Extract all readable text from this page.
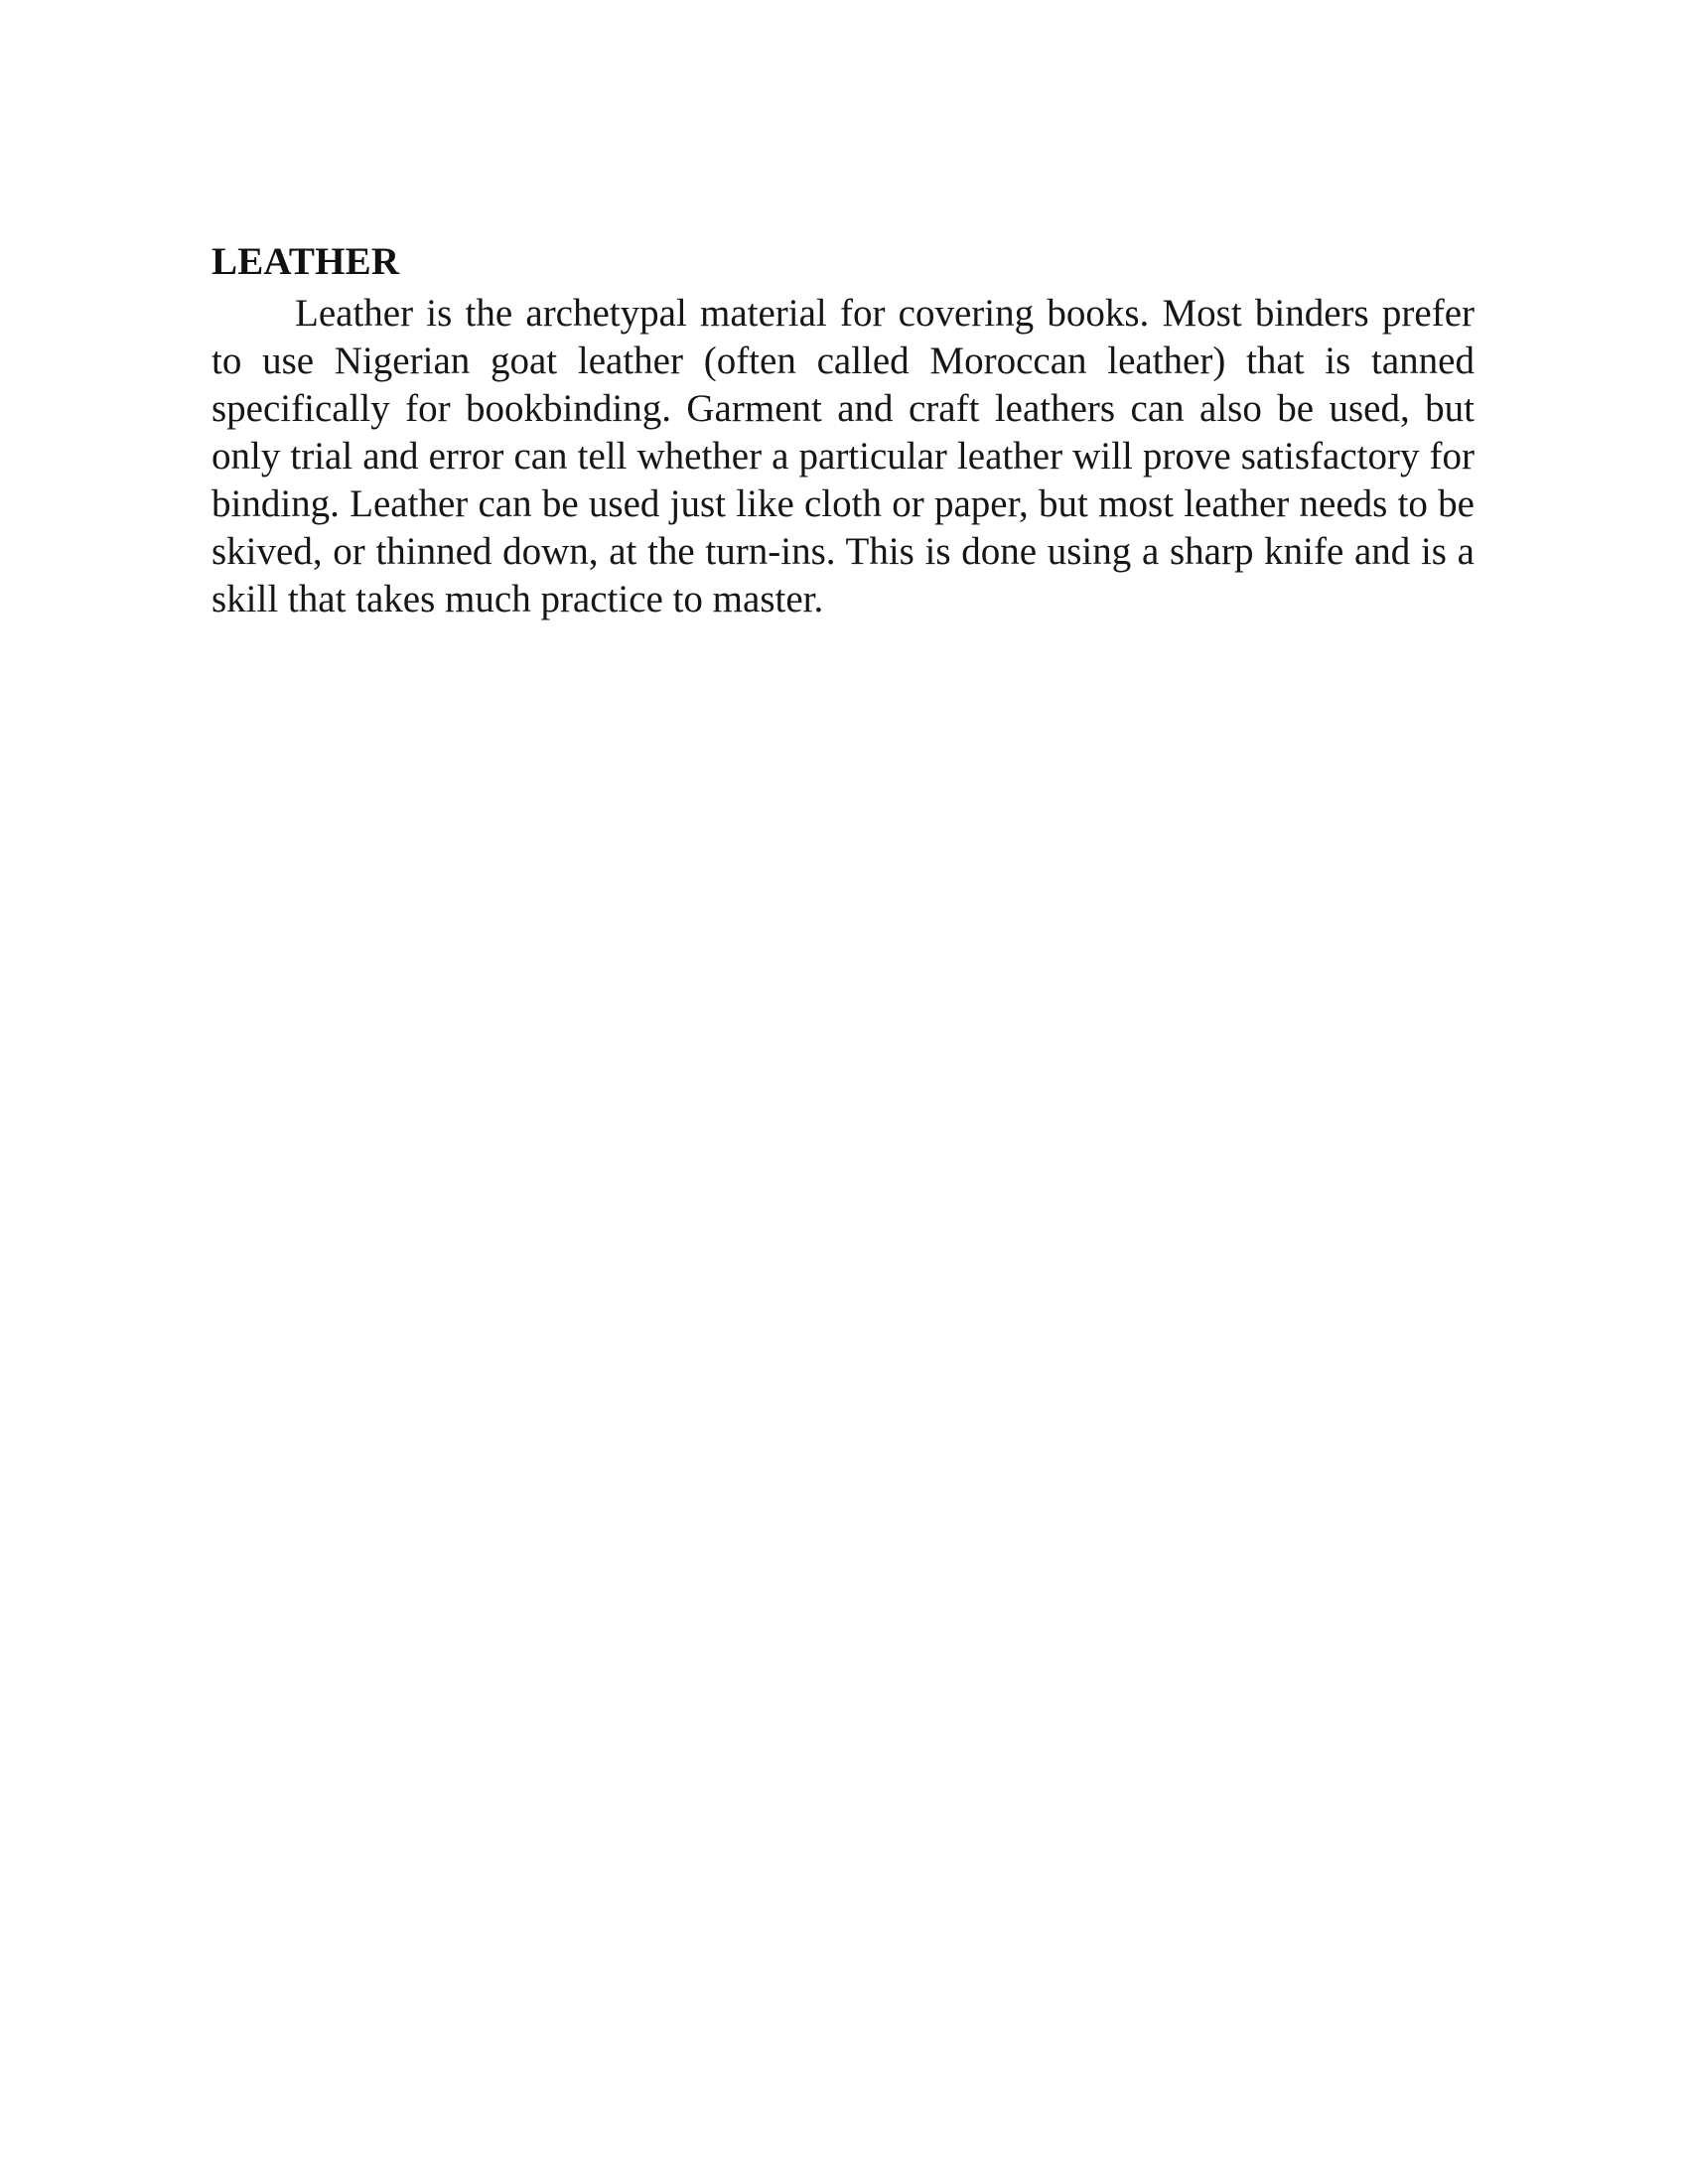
LEATHER

Leather is the archetypal material for covering books. Most binders prefer to use Nigerian goat leather (often called Moroccan leather) that is tanned specifically for bookbinding. Garment and craft leathers can also be used, but only trial and error can tell whether a particular leather will prove satisfactory for binding. Leather can be used just like cloth or paper, but most leather needs to be skived, or thinned down, at the turn-ins. This is done using a sharp knife and is a skill that takes much practice to master.
